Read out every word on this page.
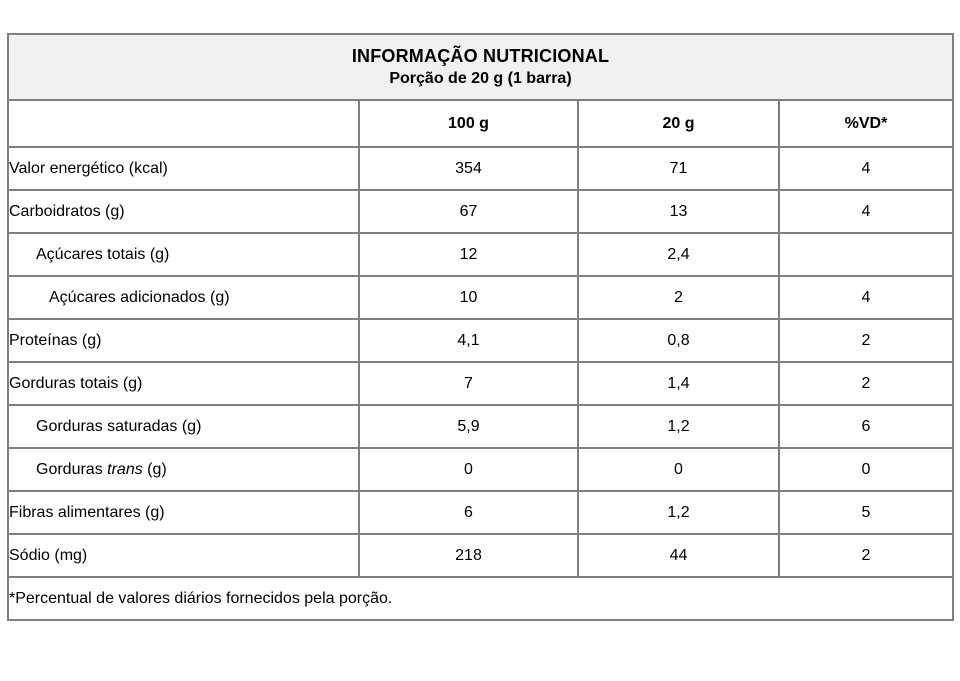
INFORMAÇÃO NUTRICIONAL
Porção de 20 g (1 barra)			

	100 g	20 g	%VD*
Valor energético (kcal)	354	71	4
Carboidratos (g)	67	13	4
Açúcares totais (g)	12	2,4	
Açúcares adicionados (g)	10	2	4
Proteínas (g)	4,1	0,8	2
Gorduras totais (g)	7	1,4	2
Gorduras saturadas (g)	5,9	1,2	6
Gorduras trans (g)	0	0	0
Fibras alimentares (g)	6	1,2	5
Sódio (mg)	218	44	2
*Percentual de valores diários fornecidos pela porção.			
